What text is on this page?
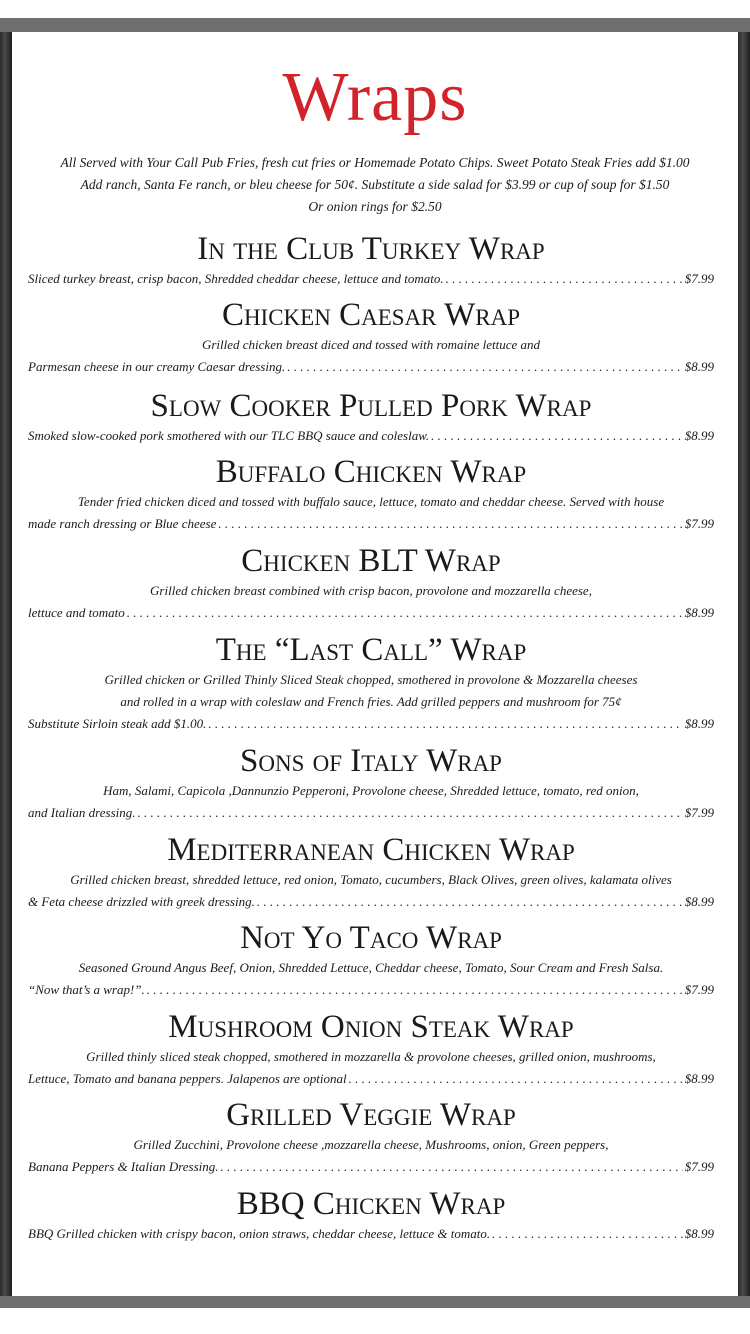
Wraps
All Served with Your Call Pub Fries, fresh cut fries or Homemade Potato Chips. Sweet Potato Steak Fries add $1.00
Add ranch, Santa Fe ranch, or bleu cheese for 50¢. Substitute a side salad for $3.99 or cup of soup for $1.50
Or onion rings for $2.50
In the Club Turkey Wrap
Sliced turkey breast, crisp bacon, Shredded cheddar cheese, lettuce and tomato. . . .	$7.99
Chicken Caesar Wrap
Grilled chicken breast diced and tossed with romaine lettuce and
Parmesan cheese in our creamy Caesar dressing. . . .	$8.99
Slow Cooker Pulled Pork Wrap
Smoked slow-cooked pork smothered with our TLC BBQ sauce and coleslaw. . . .	$8.99
Buffalo Chicken Wrap
Tender fried chicken diced and tossed with buffalo sauce, lettuce, tomato and cheddar cheese. Served with house
made ranch dressing or Blue cheese . . .	$7.99
Chicken BLT Wrap
Grilled chicken breast combined with crisp bacon, provolone and mozzarella cheese,
lettuce and tomato . . .	$8.99
The “Last Call” Wrap
Grilled chicken or Grilled Thinly Sliced Steak chopped, smothered in provolone & Mozzarella cheeses
and rolled in a wrap with coleslaw and French fries. Add grilled peppers and mushroom for 75¢
Substitute Sirloin steak add $1.00. . . .	$8.99
Sons of Italy Wrap
Ham, Salami, Capicola ,Dannunzio Pepperoni, Provolone cheese, Shredded lettuce, tomato, red onion,
and Italian dressing. . . .	$7.99
Mediterranean Chicken Wrap
Grilled chicken breast, shredded lettuce, red onion, Tomato, cucumbers, Black Olives, green olives, kalamata olives
& Feta cheese drizzled with greek dressing. . . .	$8.99
Not Yo Taco Wrap
Seasoned Ground Angus Beef, Onion, Shredded Lettuce, Cheddar cheese, Tomato, Sour Cream and Fresh Salsa.
“Now that’s a wrap!”. . . .	$7.99
Mushroom Onion Steak Wrap
Grilled thinly sliced steak chopped, smothered in mozzarella & provolone cheeses, grilled onion, mushrooms,
Lettuce, Tomato and banana peppers. Jalapenos are optional . . .	$8.99
Grilled Veggie Wrap
Grilled Zucchini, Provolone cheese ,mozzarella cheese, Mushrooms, onion, Green peppers,
Banana Peppers & Italian Dressing. . . .	$7.99
BBQ Chicken Wrap
BBQ Grilled chicken with crispy bacon, onion straws, cheddar cheese, lettuce & tomato. . . .	$8.99
